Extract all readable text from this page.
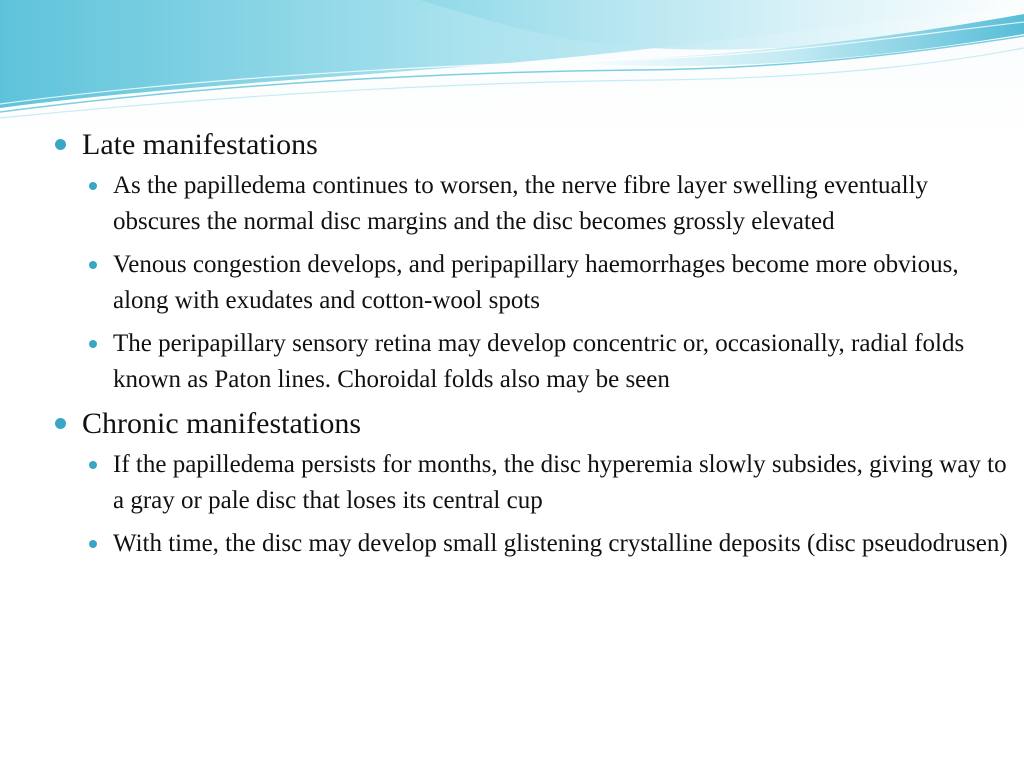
Late manifestations
As the papilledema continues to worsen, the nerve fibre layer swelling eventually obscures the normal disc margins and the disc becomes grossly elevated
Venous congestion develops, and peripapillary haemorrhages become more obvious, along with exudates and cotton-wool spots
The peripapillary sensory retina may develop concentric or, occasionally, radial folds known as Paton lines. Choroidal folds also may be seen
Chronic manifestations
If the papilledema persists for months, the disc hyperemia slowly subsides, giving way to a gray or pale disc that loses its central cup
With time, the disc may develop small glistening crystalline deposits (disc pseudodrusen)
